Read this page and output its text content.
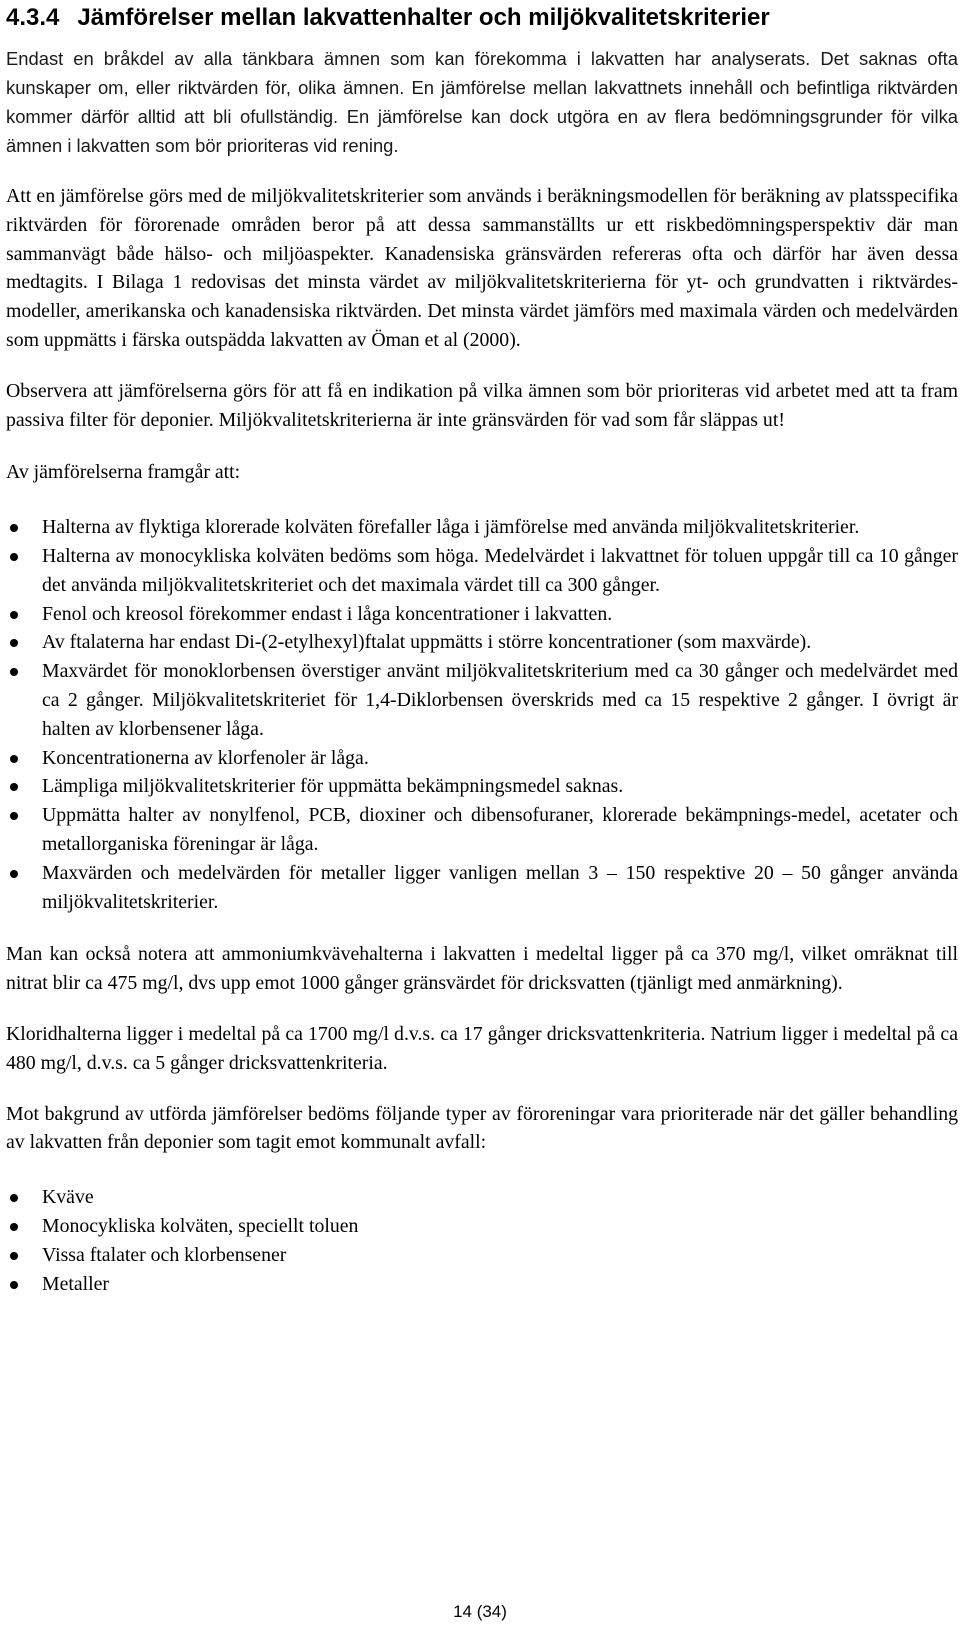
4.3.4 Jämförelser mellan lakvattenhalter och miljökvalitetskriterier

Endast en bråkdel av alla tänkbara ämnen som kan förekomma i lakvatten har analyserats. Det saknas ofta kunskaper om, eller riktvärden för, olika ämnen. En jämförelse mellan lakvattnets innehåll och befintliga riktvärden kommer därför alltid att bli ofullständig. En jämförelse kan dock utgöra en av flera bedömningsgrunder för vilka ämnen i lakvatten som bör prioriteras vid rening.

Att en jämförelse görs med de miljökvalitetskriterier som används i beräkningsmodellen för beräkning av platsspecifika riktvärden för förorenade områden beror på att dessa sammanställts ur ett riskbedömningsperspektiv där man sammanvägt både hälso- och miljöaspekter. Kanadensiska gränsvärden refereras ofta och därför har även dessa medtagits. I Bilaga 1 redovisas det minsta värdet av miljökvalitetskriterierna för yt- och grundvatten i riktvärdes-modeller, amerikanska och kanadensiska riktvärden. Det minsta värdet jämförs med maximala värden och medelvärden som uppmätts i färska outspädda lakvatten av Öman et al (2000).

Observera att jämförelserna görs för att få en indikation på vilka ämnen som bör prioriteras vid arbetet med att ta fram passiva filter för deponier. Miljökvalitetskriterierna är inte gränsvärden för vad som får släppas ut!

Av jämförelserna framgår att:

Halterna av flyktiga klorerade kolväten förefaller låga i jämförelse med använda miljökvalitetskriterier.
Halterna av monocykliska kolväten bedöms som höga. Medelvärdet i lakvattnet för toluen uppgår till ca 10 gånger det använda miljökvalitetskriteriet och det maximala värdet till ca 300 gånger.
Fenol och kreosol förekommer endast i låga koncentrationer i lakvatten.
Av ftalaterna har endast Di-(2-etylhexyl)ftalat uppmätts i större koncentrationer (som maxvärde).
Maxvärdet för monoklorbensen överstiger använt miljökvalitetskriterium med ca 30 gånger och medelvärdet med ca 2 gånger. Miljökvalitetskriteriet för 1,4-Diklorbensen överskrids med ca 15 respektive 2 gånger. I övrigt är halten av klorbensener låga.
Koncentrationerna av klorfenoler är låga.
Lämpliga miljökvalitetskriterier för uppmätta bekämpningsmedel saknas.
Uppmätta halter av nonylfenol, PCB, dioxiner och dibensofuraner, klorerade bekämpnings-medel, acetater och metallorganiska föreningar är låga.
Maxvärden och medelvärden för metaller ligger vanligen mellan 3 – 150 respektive 20 – 50 gånger använda miljökvalitetskriterier.

Man kan också notera att ammoniumkvävehalterna i lakvatten i medeltal ligger på ca 370 mg/l, vilket omräknat till nitrat blir ca 475 mg/l, dvs upp emot 1000 gånger gränsvärdet för dricksvatten (tjänligt med anmärkning).

Kloridhalterna ligger i medeltal på ca 1700 mg/l d.v.s. ca 17 gånger dricksvattenkriteria. Natrium ligger i medeltal på ca 480 mg/l, d.v.s. ca 5 gånger dricksvattenkriteria.

Mot bakgrund av utförda jämförelser bedöms följande typer av föroreningar vara prioriterade när det gäller behandling av lakvatten från deponier som tagit emot kommunalt avfall:

Kväve
Monocykliska kolväten, speciellt toluen
Vissa ftalater och klorbensener
Metaller
14 (34)
